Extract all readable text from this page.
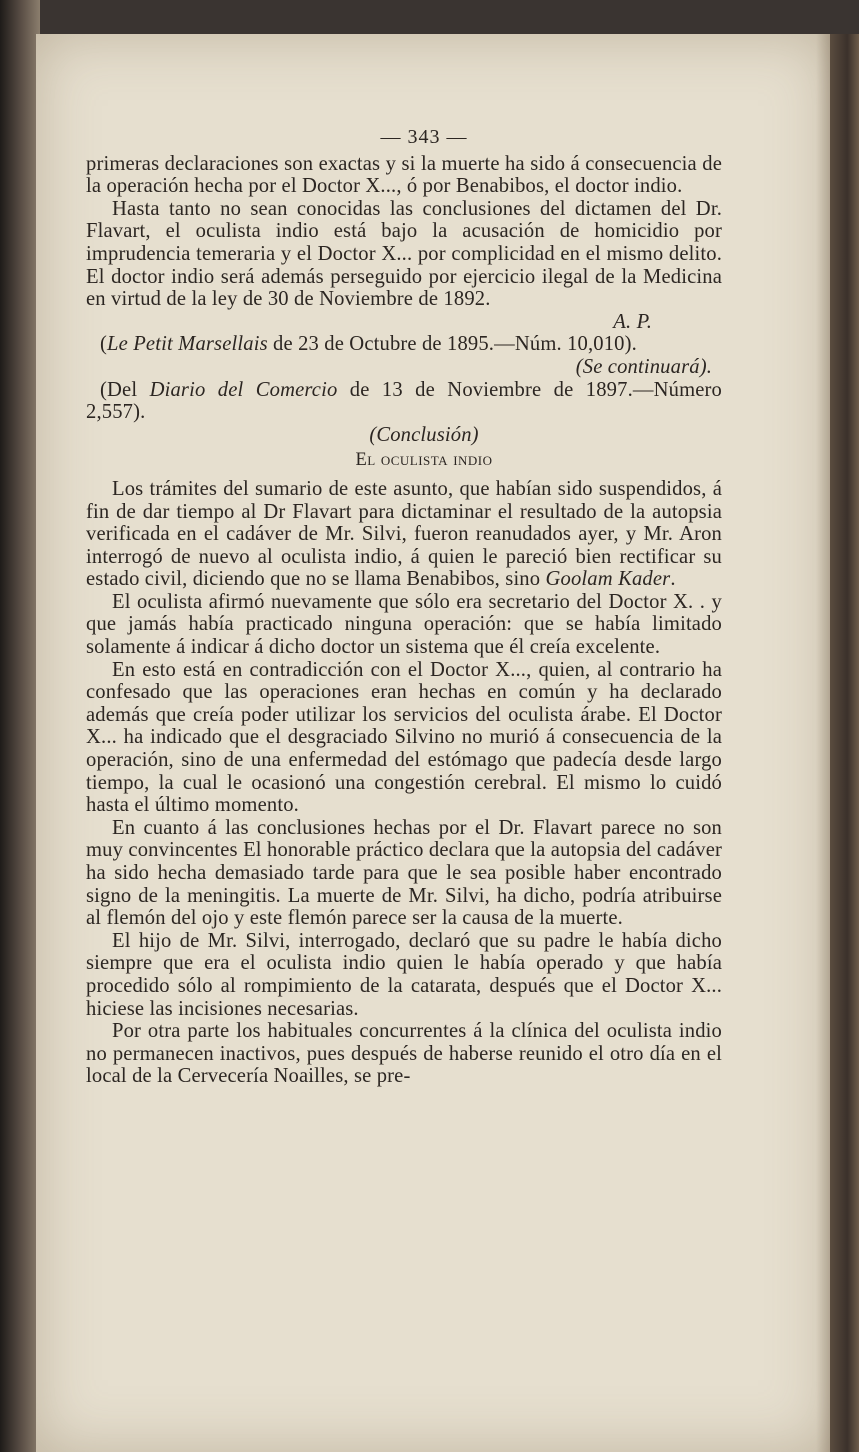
— 343 —

primeras declaraciones son exactas y si la muerte ha sido á consecuencia de la operación hecha por el Doctor X..., ó por Benabibos, el doctor indio.

Hasta tanto no sean conocidas las conclusiones del dictamen del Dr. Flavart, el oculista indio está bajo la acusación de homicidio por imprudencia temeraria y el Doctor X... por complicidad en el mismo delito. El doctor indio será además perseguido por ejercicio ilegal de la Medicina en virtud de la ley de 30 de Noviembre de 1892.

A. P.

(Le Petit Marsellais de 23 de Octubre de 1895.—Núm. 10,010).

(Se continuará).

(Del Diario del Comercio de 13 de Noviembre de 1897.—Número 2,557).

(Conclusión)
El oculista indio

Los trámites del sumario de este asunto, que habían sido suspendidos, á fin de dar tiempo al Dr Flavart para dictaminar el resultado de la autopsia verificada en el cadáver de Mr. Silvi, fueron reanudados ayer, y Mr. Aron interrogó de nuevo al oculista indio, á quien le pareció bien rectificar su estado civil, diciendo que no se llama Benabibos, sino Goolam Kader.

El oculista afirmó nuevamente que sólo era secretario del Doctor X. . y que jamás había practicado ninguna operación: que se había limitado solamente á indicar á dicho doctor un sistema que él creía excelente.

En esto está en contradicción con el Doctor X..., quien, al contrario ha confesado que las operaciones eran hechas en común y ha declarado además que creía poder utilizar los servicios del oculista árabe. El Doctor X... ha indicado que el desgraciado Silvino no murió á consecuencia de la operación, sino de una enfermedad del estómago que padecía desde largo tiempo, la cual le ocasionó una congestión cerebral. El mismo lo cuidó hasta el último momento.

En cuanto á las conclusiones hechas por el Dr. Flavart parece no son muy convincentes El honorable práctico declara que la autopsia del cadáver ha sido hecha demasiado tarde para que le sea posible haber encontrado signo de la meningitis. La muerte de Mr. Silvi, ha dicho, podría atribuirse al flemón del ojo y este flemón parece ser la causa de la muerte.

El hijo de Mr. Silvi, interrogado, declaró que su padre le había dicho siempre que era el oculista indio quien le había operado y que había procedido sólo al rompimiento de la catarata, después que el Doctor X... hiciese las incisiones necesarias.

Por otra parte los habituales concurrentes á la clínica del oculista indio no permanecen inactivos, pues después de haberse reunido el otro día en el local de la Cervecería Noailles, se pre-
